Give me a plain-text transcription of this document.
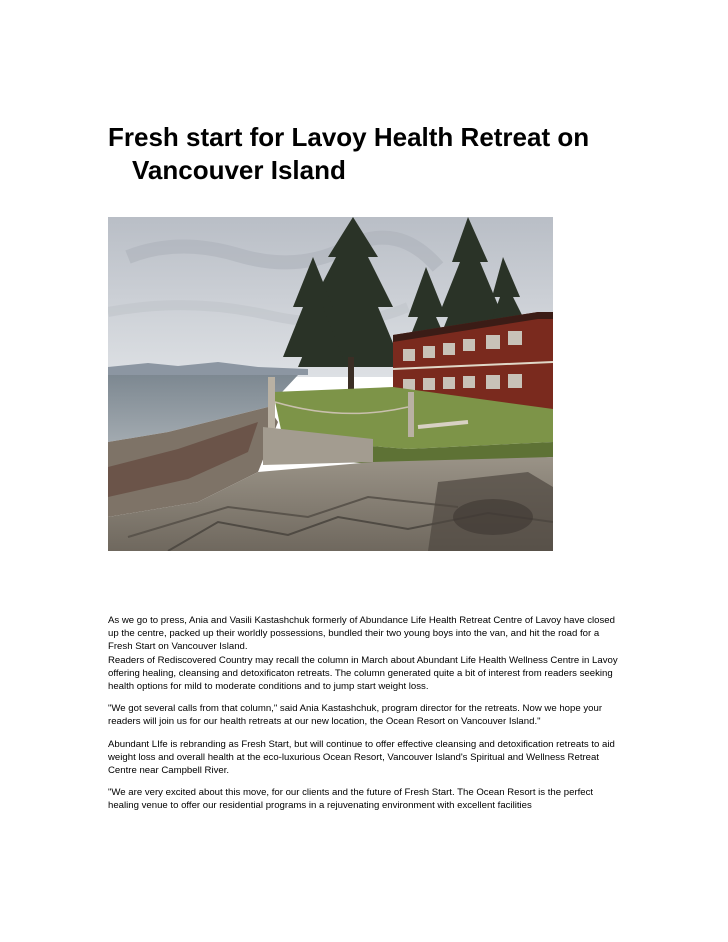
Fresh start for Lavoy Health Retreat on Vancouver Island

As we go to press, Ania and Vasili Kastashchuk formerly of Abundance Life Health Retreat Centre of Lavoy have closed up the centre, packed up their worldly possessions, bundled their two young boys into the van, and hit the road for a Fresh Start on Vancouver Island.

Readers of Rediscovered Country may recall the column in March about Abundant Life Health Wellness Centre in Lavoy offering healing, cleansing and detoxificaton retreats. The column generated quite a bit of interest from readers seeking health options for mild to moderate conditions and to jump start weight loss.

"We got several calls from that column," said Ania Kastashchuk, program director for the retreats. Now we hope your readers will join us for our health retreats at our new location, the Ocean Resort on Vancouver Island."

Abundant LIfe is rebranding as Fresh Start, but will continue to offer effective cleansing and detoxification retreats to aid weight loss and overall health at the eco-luxurious Ocean Resort, Vancouver Island's Spiritual and Wellness Retreat Centre near Campbell River.

"We are very excited about this move, for our clients and the future of Fresh Start. The Ocean Resort is the perfect healing venue to offer our residential programs in a rejuvenating environment with excellent facilities
